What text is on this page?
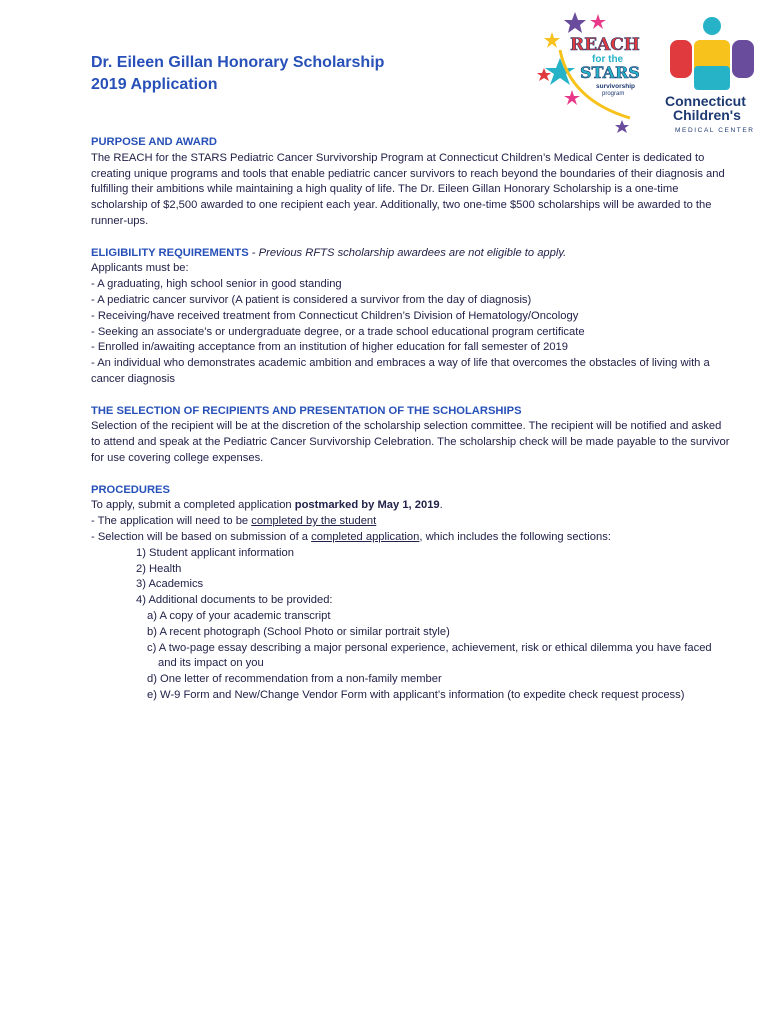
Dr. Eileen Gillan Honorary Scholarship
2019 Application
REACH
for the
STARS
survivorship
program	Connecticut
Children's
MEDICAL CENTER
PURPOSE AND AWARD

The REACH for the STARS Pediatric Cancer Survivorship Program at Connecticut Children’s Medical Center is dedicated to creating unique programs and tools that enable pediatric cancer survivors to reach beyond the boundaries of their diagnosis and fulfilling their ambitions while maintaining a high quality of life. The Dr. Eileen Gillan Honorary Scholarship is a one-time scholarship of $2,500 awarded to one recipient each year. Additionally, two one-time $500 scholarships will be awarded to the runner-ups.

ELIGIBILITY REQUIREMENTS - Previous RFTS scholarship awardees are not eligible to apply.
Applicants must be:
- A graduating, high school senior in good standing
- A pediatric cancer survivor (A patient is considered a survivor from the day of diagnosis)
- Receiving/have received treatment from Connecticut Children’s Division of Hematology/Oncology
- Seeking an associate’s or undergraduate degree, or a trade school educational program certificate
- Enrolled in/awaiting acceptance from an institution of higher education for fall semester of 2019
- An individual who demonstrates academic ambition and embraces a way of life that overcomes the obstacles of living with a cancer diagnosis
THE SELECTION OF RECIPIENTS AND PRESENTATION OF THE SCHOLARSHIPS

Selection of the recipient will be at the discretion of the scholarship selection committee. The recipient will be notified and asked to attend and speak at the Pediatric Cancer Survivorship Celebration. The scholarship check will be made payable to the survivor for use covering college expenses.

PROCEDURES
To apply, submit a completed application postmarked by May 1, 2019.
- The application will need to be completed by the student
- Selection will be based on submission of a completed application, which includes the following sections:
1) Student applicant information
2) Health
3) Academics
4) Additional documents to be provided:
a) A copy of your academic transcript
b) A recent photograph (School Photo or similar portrait style)
c) A two-page essay describing a major personal experience, achievement, risk or ethical dilemma you have faced
and its impact on you
d) One letter of recommendation from a non-family member
e) W-9 Form and New/Change Vendor Form with applicant’s information (to expedite check request process)
